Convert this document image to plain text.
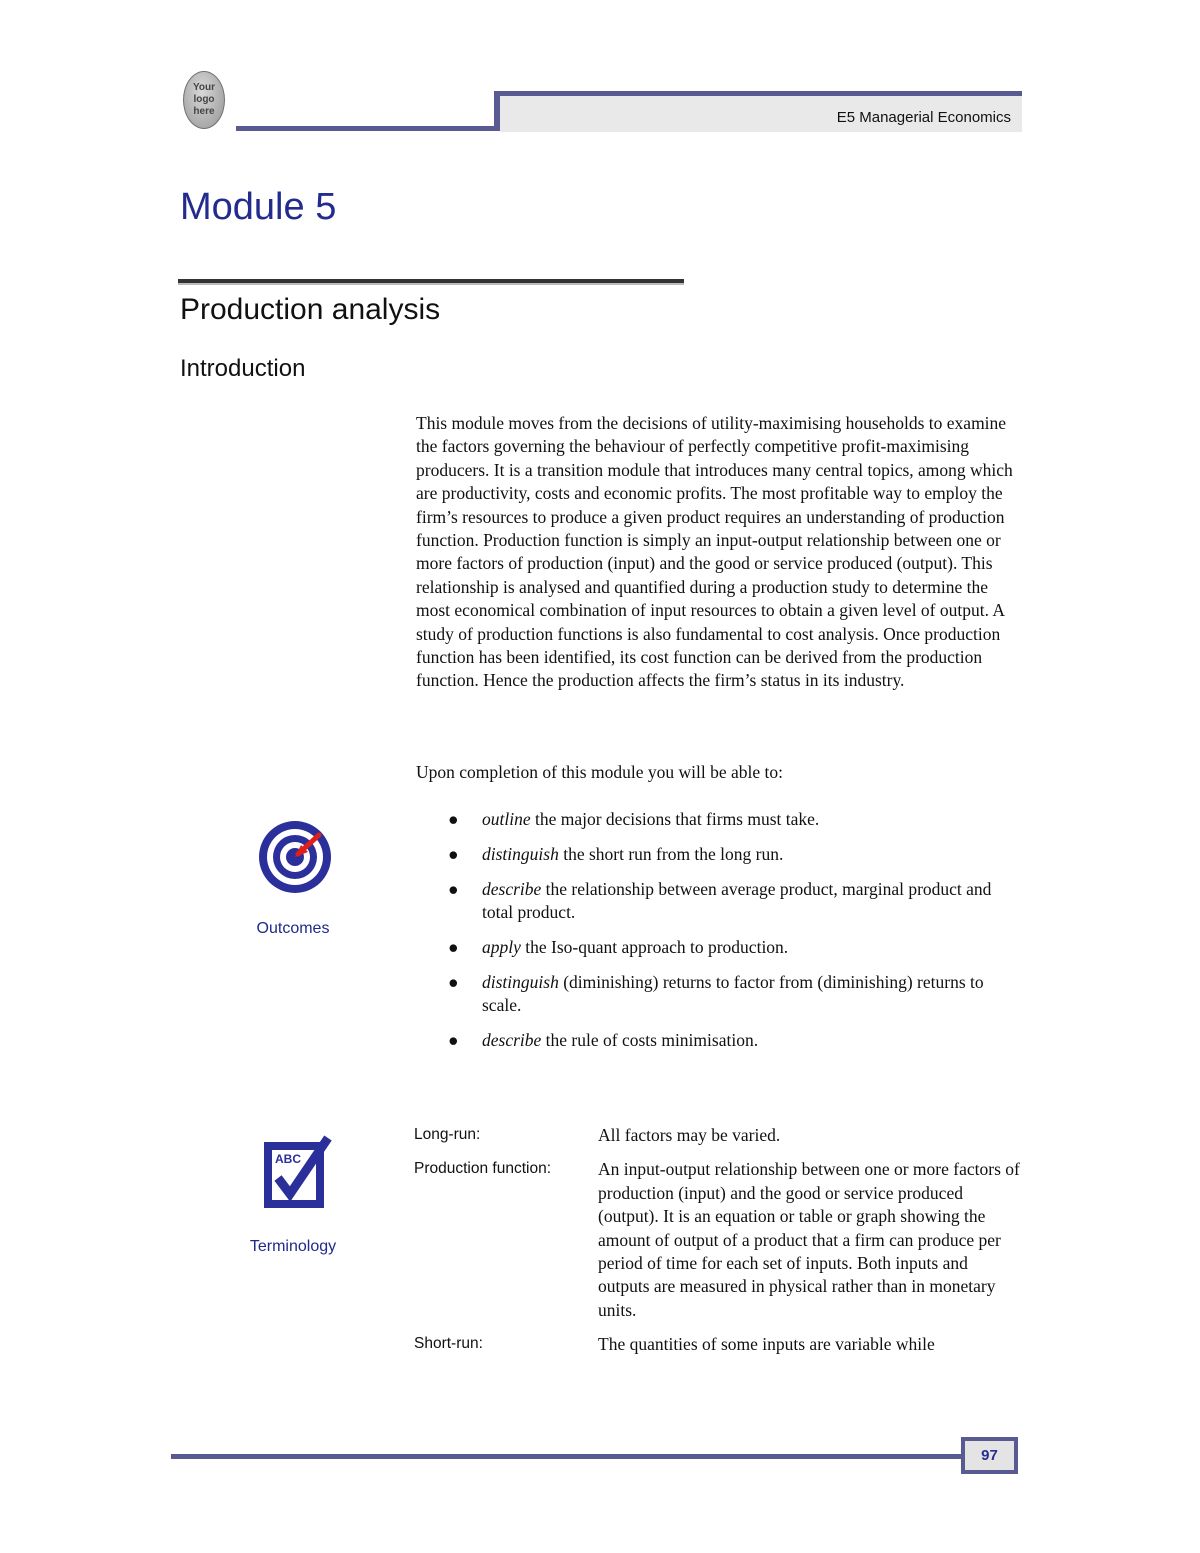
Your
logo
here	E5 Managerial Economics
Module 5
Production analysis
Introduction

This module moves from the decisions of utility-maximising households to examine the factors governing the behaviour of perfectly competitive profit-maximising producers. It is a transition module that introduces many central topics, among which are productivity, costs and economic profits. The most profitable way to employ the firm’s resources to produce a given product requires an understanding of production function. Production function is simply an input-output relationship between one or more factors of production (input) and the good or service produced (output). This relationship is analysed and quantified during a production study to determine the most economical combination of input resources to obtain a given level of output. A study of production functions is also fundamental to cost analysis. Once production function has been identified, its cost function can be derived from the production function. Hence the production affects the firm’s status in its industry.

Upon completion of this module you will be able to:

Outcomes
● outline the major decisions that firms must take.
● distinguish the short run from the long run.
● describe the relationship between average product, marginal product and total product.
● apply the Iso-quant approach to production.
● distinguish (diminishing) returns to factor from (diminishing) returns to scale.
● describe the rule of costs minimisation.
ABC
Terminology
Long-run:	All factors may be varied.
Production function:	An input-output relationship between one or more factors of production (input) and the good or service produced (output). It is an equation or table or graph showing the amount of output of a product that a firm can produce per period of time for each set of inputs. Both inputs and outputs are measured in physical rather than in monetary units.
Short-run:	The quantities of some inputs are variable while
97
